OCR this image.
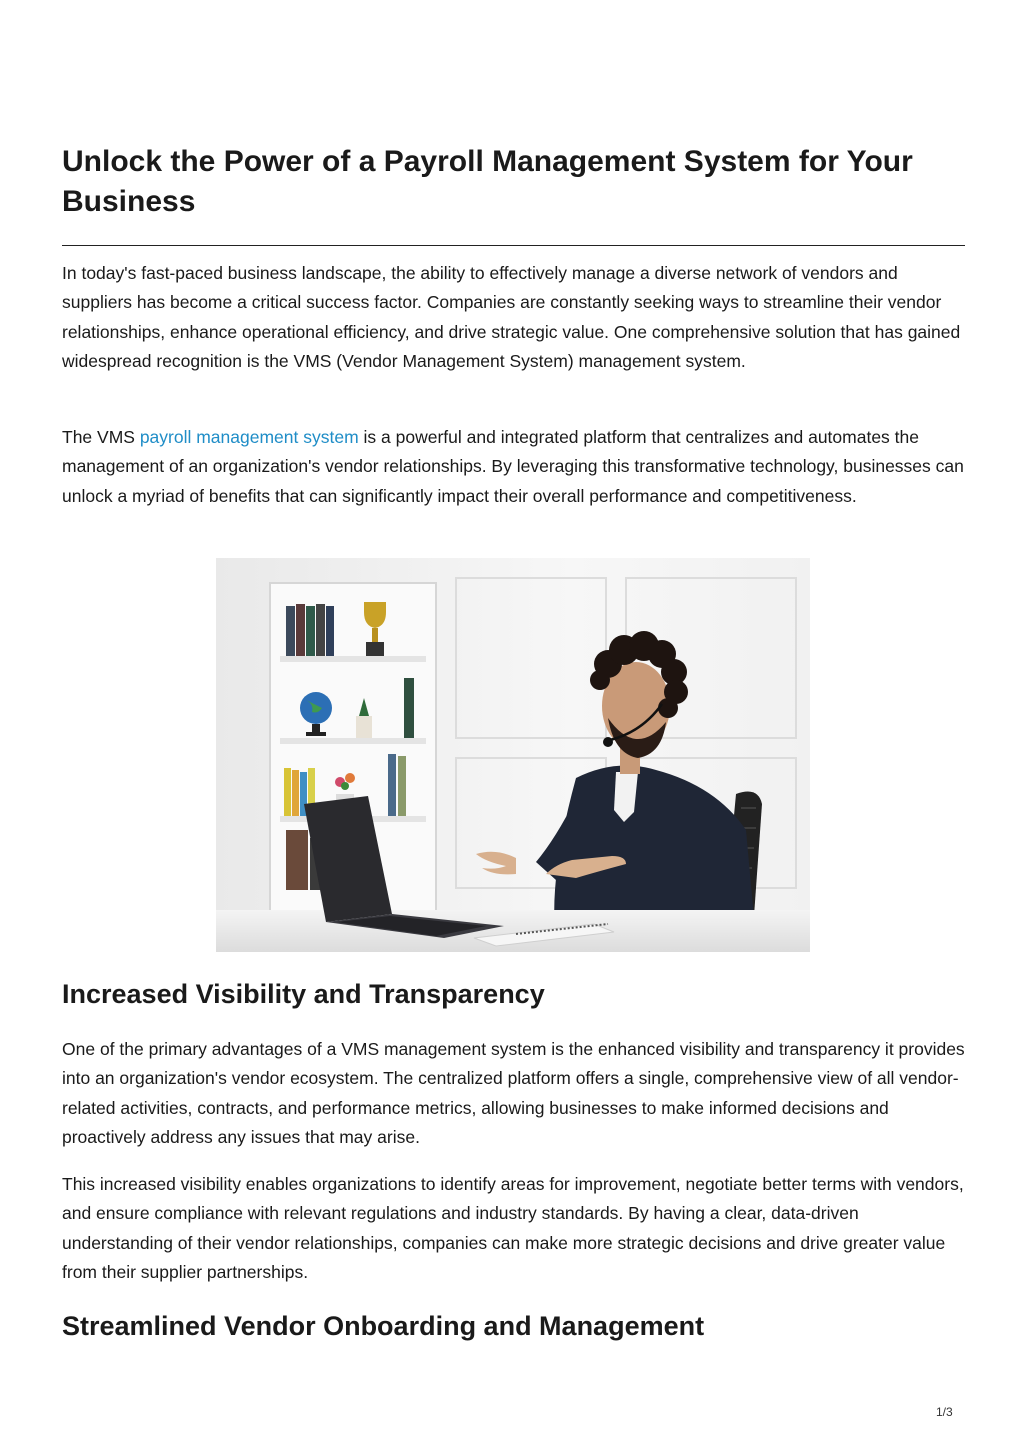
Unlock the Power of a Payroll Management System for Your Business

In today's fast-paced business landscape, the ability to effectively manage a diverse network of vendors and suppliers has become a critical success factor. Companies are constantly seeking ways to streamline their vendor relationships, enhance operational efficiency, and drive strategic value. One comprehensive solution that has gained widespread recognition is the VMS (Vendor Management System) management system.

The VMS payroll management system is a powerful and integrated platform that centralizes and automates the management of an organization's vendor relationships. By leveraging this transformative technology, businesses can unlock a myriad of benefits that can significantly impact their overall performance and competitiveness.

Increased Visibility and Transparency

One of the primary advantages of a VMS management system is the enhanced visibility and transparency it provides into an organization's vendor ecosystem. The centralized platform offers a single, comprehensive view of all vendor-related activities, contracts, and performance metrics, allowing businesses to make informed decisions and proactively address any issues that may arise.

This increased visibility enables organizations to identify areas for improvement, negotiate better terms with vendors, and ensure compliance with relevant regulations and industry standards. By having a clear, data-driven understanding of their vendor relationships, companies can make more strategic decisions and drive greater value from their supplier partnerships.

Streamlined Vendor Onboarding and Management
1/3
